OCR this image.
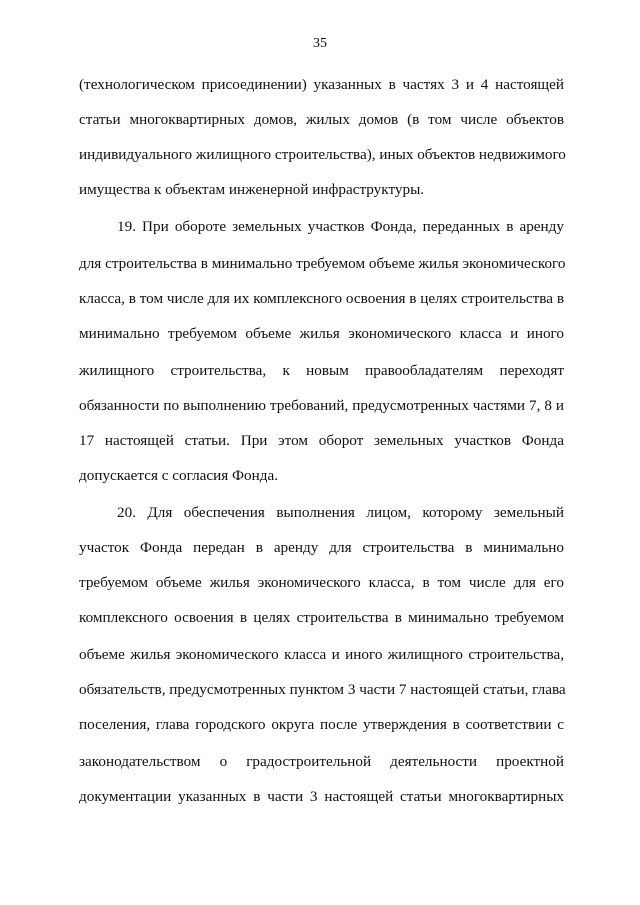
35
(технологическом присоединении) указанных в частях 3 и 4 настоящей
статьи многоквартирных домов, жилых домов (в том числе объектов
индивидуального жилищного строительства), иных объектов недвижимого
имущества к объектам инженерной инфраструктуры.
19. При обороте земельных участков Фонда, переданных в аренду
для строительства в минимально требуемом объеме жилья экономического
класса, в том числе для их комплексного освоения в целях строительства в
минимально требуемом объеме жилья экономического класса и иного
жилищного строительства, к новым правообладателям переходят
обязанности по выполнению требований, предусмотренных частями 7, 8 и
17 настоящей статьи. При этом оборот земельных участков Фонда
допускается с согласия Фонда.
20. Для обеспечения выполнения лицом, которому земельный
участок Фонда передан в аренду для строительства в минимально
требуемом объеме жилья экономического класса, в том числе для его
комплексного освоения в целях строительства в минимально требуемом
объеме жилья экономического класса и иного жилищного строительства,
обязательств, предусмотренных пунктом 3 части 7 настоящей статьи, глава
поселения, глава городского округа после утверждения в соответствии с
законодательством о градостроительной деятельности проектной
документации указанных в части 3 настоящей статьи многоквартирных
